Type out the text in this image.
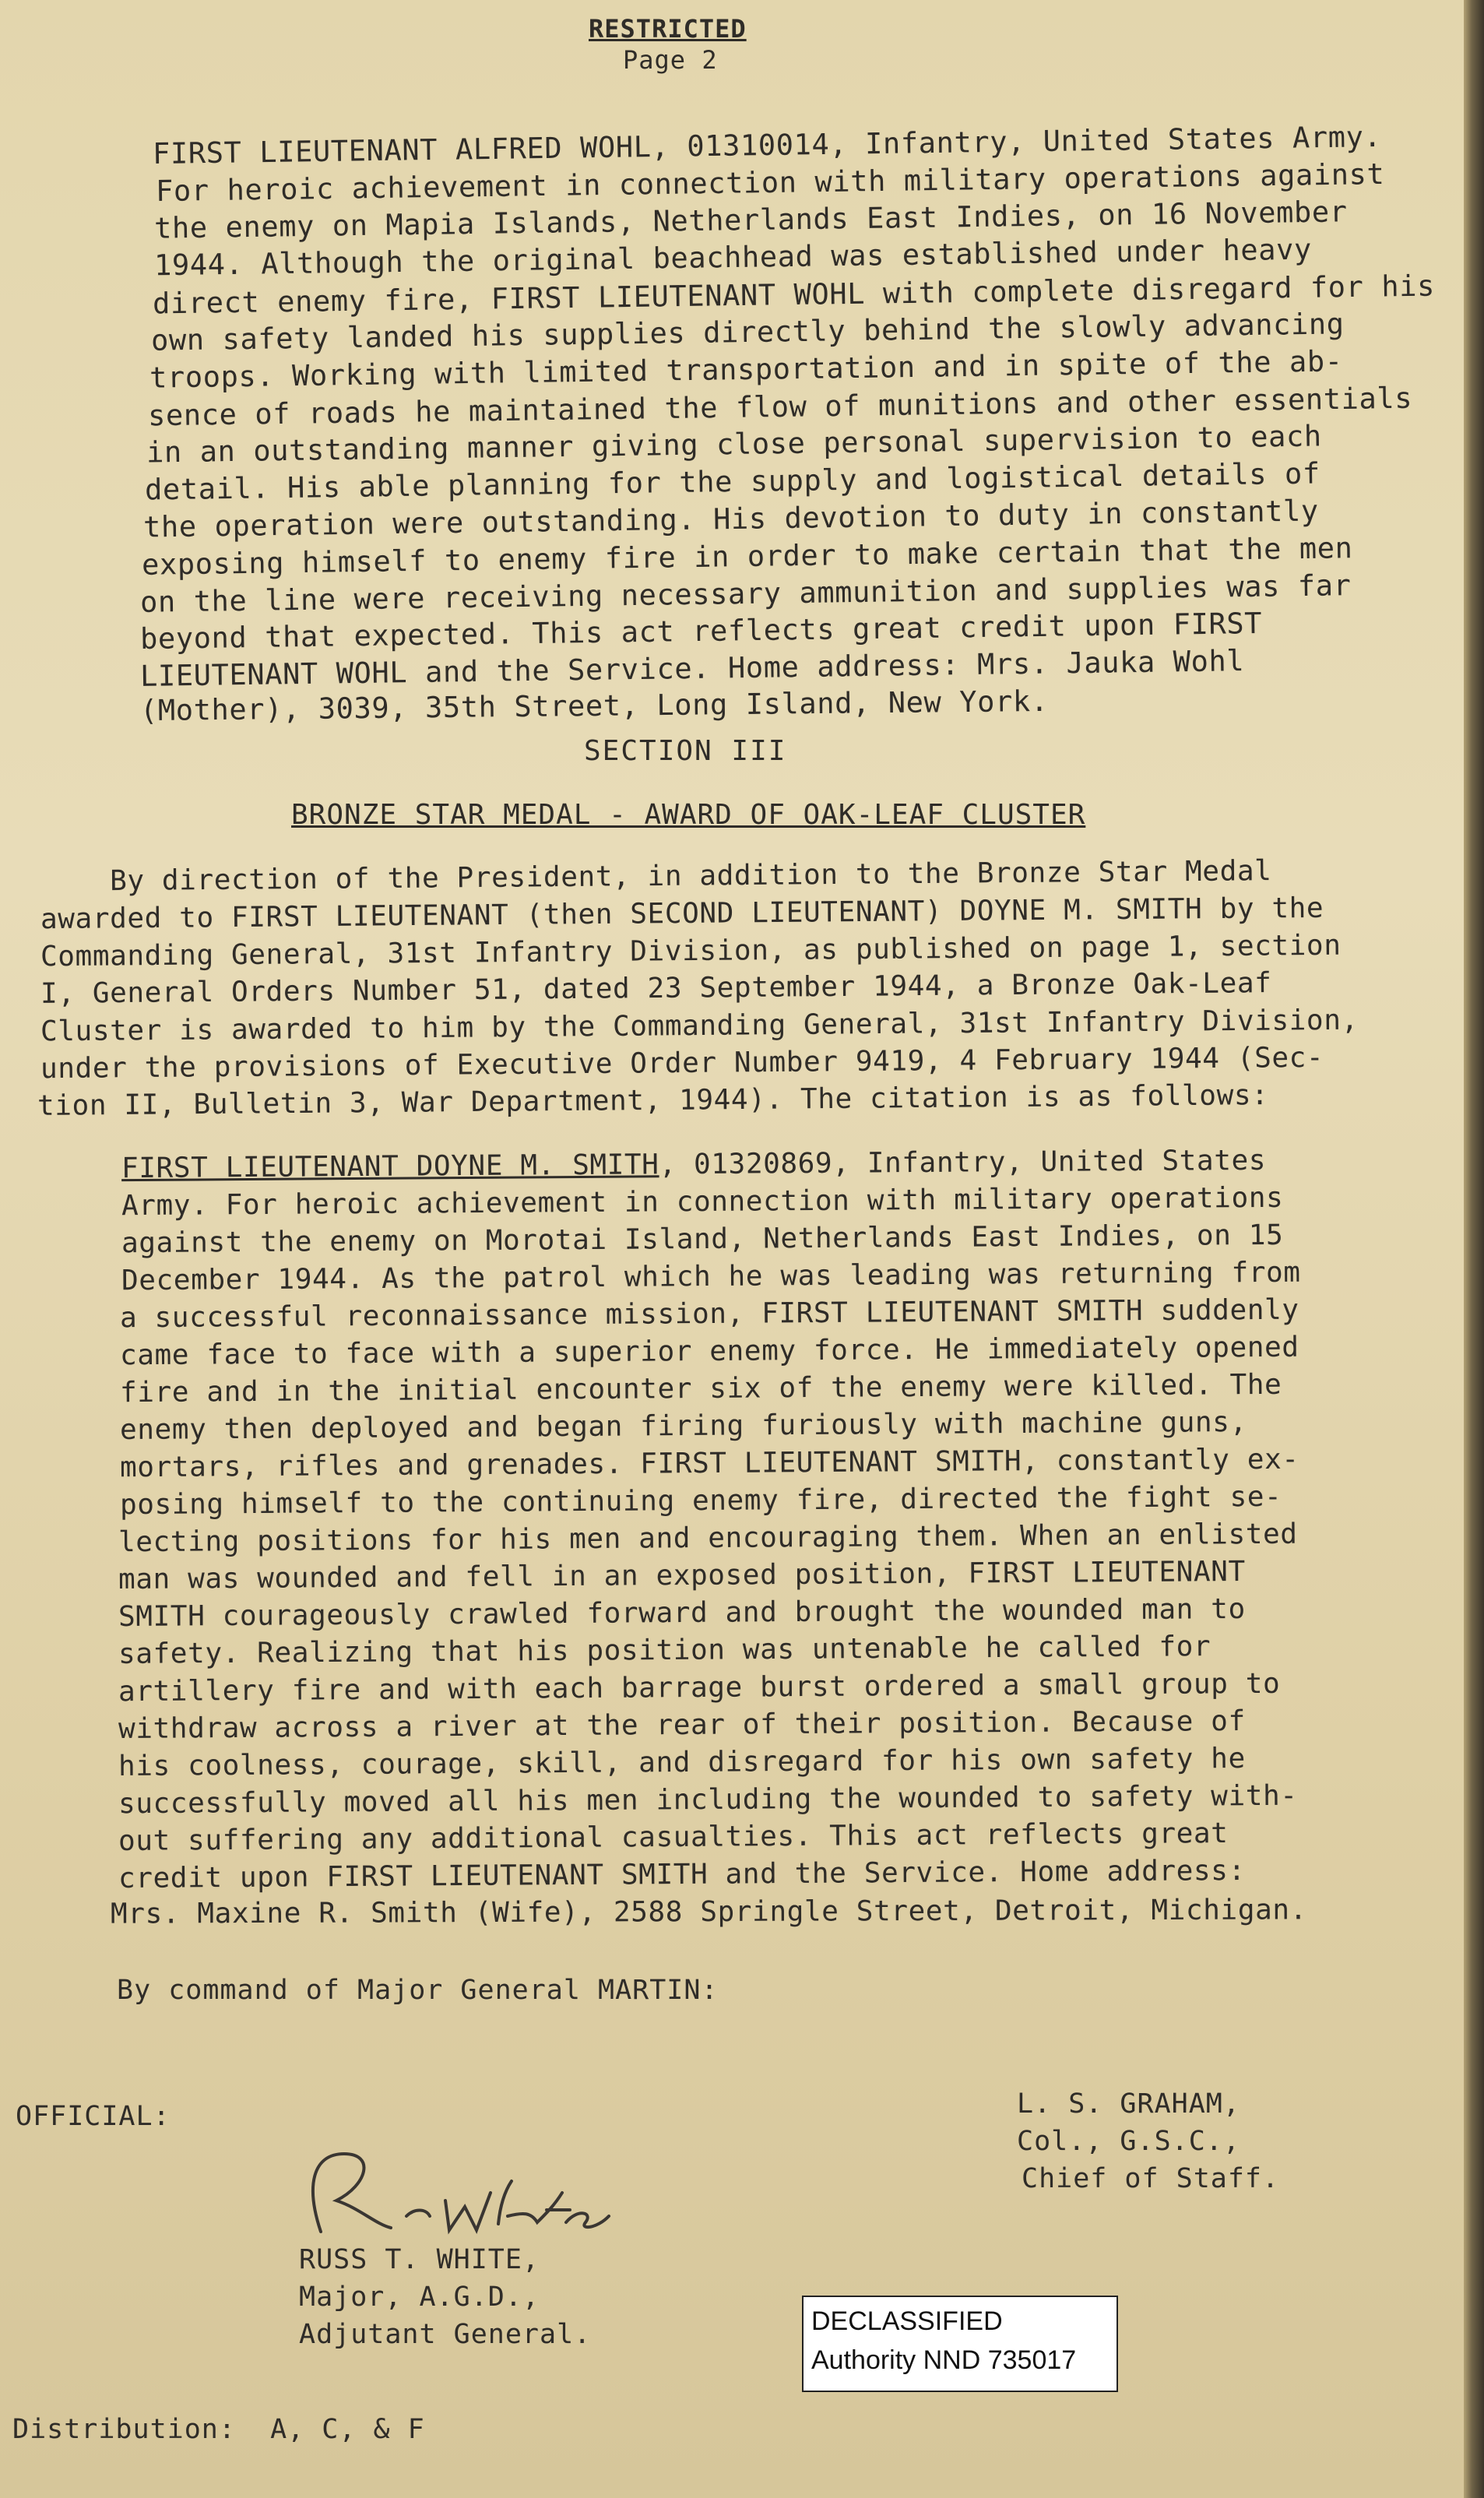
RESTRICTED
Page 2
FIRST LIEUTENANT ALFRED WOHL, 01310014, Infantry, United States Army.
For heroic achievement in connection with military operations against
the enemy on Mapia Islands, Netherlands East Indies, on 16 November
1944. Although the original beachhead was established under heavy
direct enemy fire, FIRST LIEUTENANT WOHL with complete disregard for his
own safety landed his supplies directly behind the slowly advancing
troops. Working with limited transportation and in spite of the ab-
sence of roads he maintained the flow of munitions and other essentials
in an outstanding manner giving close personal supervision to each
detail. His able planning for the supply and logistical details of
the operation were outstanding. His devotion to duty in constantly
exposing himself to enemy fire in order to make certain that the men
on the line were receiving necessary ammunition and supplies was far
beyond that expected. This act reflects great credit upon FIRST
LIEUTENANT WOHL and the Service. Home address: Mrs. Jauka Wohl
(Mother), 3039, 35th Street, Long Island, New York.
SECTION III
BRONZE STAR MEDAL - AWARD OF OAK-LEAF CLUSTER
By direction of the President, in addition to the Bronze Star Medal
awarded to FIRST LIEUTENANT (then SECOND LIEUTENANT) DOYNE M. SMITH by the
Commanding General, 31st Infantry Division, as published on page 1, section
I, General Orders Number 51, dated 23 September 1944, a Bronze Oak-Leaf
Cluster is awarded to him by the Commanding General, 31st Infantry Division,
under the provisions of Executive Order Number 9419, 4 February 1944 (Sec-
tion II, Bulletin 3, War Department, 1944). The citation is as follows:
FIRST LIEUTENANT DOYNE M. SMITH, 01320869, Infantry, United States
Army. For heroic achievement in connection with military operations
against the enemy on Morotai Island, Netherlands East Indies, on 15
December 1944. As the patrol which he was leading was returning from
a successful reconnaissance mission, FIRST LIEUTENANT SMITH suddenly
came face to face with a superior enemy force. He immediately opened
fire and in the initial encounter six of the enemy were killed. The
enemy then deployed and began firing furiously with machine guns,
mortars, rifles and grenades. FIRST LIEUTENANT SMITH, constantly ex-
posing himself to the continuing enemy fire, directed the fight se-
lecting positions for his men and encouraging them. When an enlisted
man was wounded and fell in an exposed position, FIRST LIEUTENANT
SMITH courageously crawled forward and brought the wounded man to
safety. Realizing that his position was untenable he called for
artillery fire and with each barrage burst ordered a small group to
withdraw across a river at the rear of their position. Because of
his coolness, courage, skill, and disregard for his own safety he
successfully moved all his men including the wounded to safety with-
out suffering any additional casualties. This act reflects great
credit upon FIRST LIEUTENANT SMITH and the Service. Home address:
Mrs. Maxine R. Smith (Wife), 2588 Springle Street, Detroit, Michigan.
By command of Major General MARTIN:
L. S. GRAHAM,
Col., G.S.C.,
Chief of Staff.
OFFICIAL:
RUSS T. WHITE,
Major, A.G.D.,
Adjutant General.	DECLASSIFIED
Authority NND 735017
Distribution:  A, C, & F
